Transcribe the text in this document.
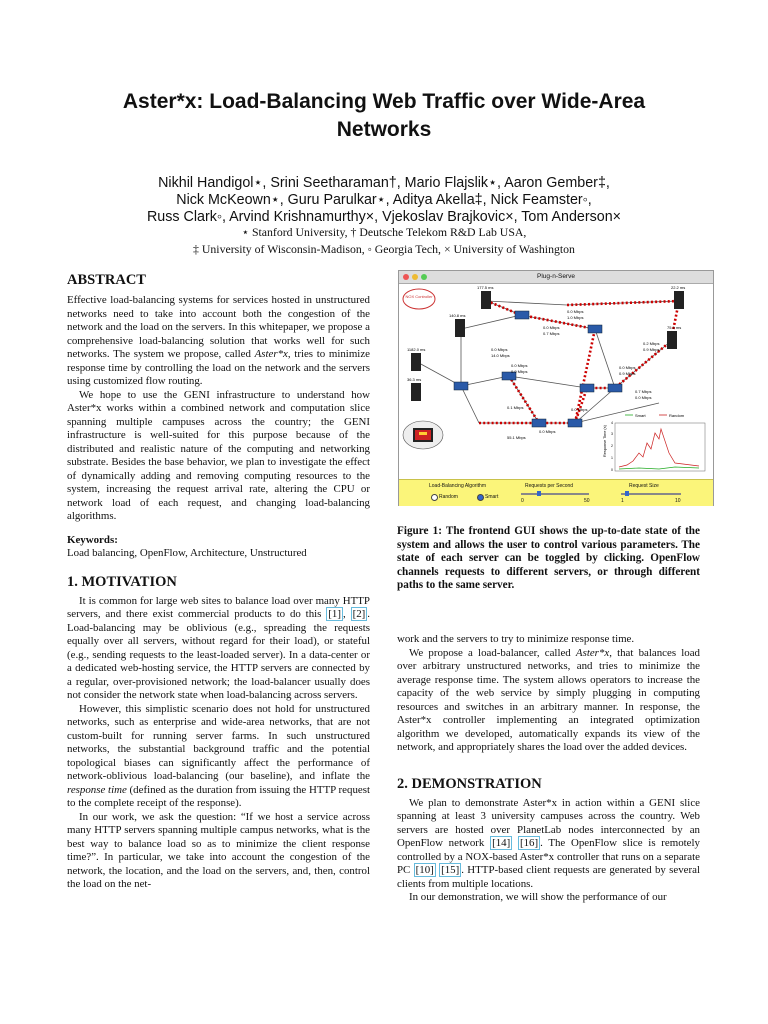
Aster*x: Load-Balancing Web Traffic over Wide-Area
Networks
Nikhil Handigol⋆, Srini Seetharaman†, Mario Flajslik⋆, Aaron Gember‡,
Nick McKeown⋆, Guru Parulkar⋆, Aditya Akella‡, Nick Feamster◦,
Russ Clark◦, Arvind Krishnamurthy×, Vjekoslav Brajkovic×, Tom Anderson×
⋆ Stanford University, † Deutsche Telekom R&D Lab USA,
‡ University of Wisconsin-Madison, ◦ Georgia Tech, × University of Washington
ABSTRACT

Effective load-balancing systems for services hosted in unstructured networks need to take into account both the congestion of the network and the load on the servers. In this whitepaper, we propose a comprehensive load-balancing solution that works well for such networks. The system we propose, called Aster*x, tries to minimize response time by controlling the load on the network and the servers using customized flow routing.

We hope to use the GENI infrastructure to understand how Aster*x works within a combined network and computation slice spanning multiple campuses across the country; the GENI infrastructure is well-suited for this purpose because of the distributed and realistic nature of the computing and networking substrate. Besides the base behavior, we plan to investigate the effect of dynamically adding and removing computing resources to the system, increasing the request arrival rate, altering the CPU or network load of each request, and changing load-balancing algorithms.

Keywords:

Load balancing, OpenFlow, Architecture, Unstructured

1. MOTIVATION

It is common for large web sites to balance load over many HTTP servers, and there exist commercial products to do this [1] , [2] . Load-balancing may be oblivious (e.g., spreading the requests equally over all servers, without regard for their load), or stateful (e.g., sending requests to the least-loaded server). In a data-center or a dedicated web-hosting service, the HTTP servers are connected by a regular, over-provisioned network; the load-balancer usually does not consider the network state when load-balancing across servers.

However, this simplistic scenario does not hold for unstructured networks, such as enterprise and wide-area networks, that are not custom-built for running server farms. In such unstructured networks, the substantial background traffic and the potential topological biases can significantly affect the performance of network-oblivious load-balancing (our baseline), and inflate the response time (defined as the duration from issuing the HTTP request to the complete receipt of the response).

In our work, we ask the question: “If we host a service across many HTTP servers spanning multiple campus networks, what is the best way to balance load so as to minimize the client response time?”. In particular, we take into account the congestion of the network, the location, and the load on the servers, and, then, control the load on the net-

Plug-n-Serve
NOX Controller
177.5 ms	22.2 ms
140.8 ms
75.6 ms
1182.0 ms
36.3 ms
0.0 Mbps
1.0 Mbps
0.0 Mbps
0.7 Mbps
0.0 Mbps
14.0 Mbps
0.0 Mbps
0.9 Mbps
0.0 Mbps
0.9 Mbps
0.7 Mbps
0.0 Mbps
0.2 Mbps
0.9 Mbps
0.1 Mbps
0.0 Mbps
55.1 Mbps
0.0 Mbps
Smart	Random
Response Time (s)
0
1
2
3
4
Load-Balancing Algorithm
Random	Smart
Requests per Second
0	50
Request Size
1	10
Figure 1: The frontend GUI shows the up-to-date state of the system and allows the user to control various parameters. The state of each server can be toggled by clicking. OpenFlow channels requests to different servers, or through different paths to the same server.

work and the servers to try to minimize response time.

We propose a load-balancer, called Aster*x, that balances load over arbitrary unstructured networks, and tries to minimize the average response time. The system allows operators to increase the capacity of the web service by simply plugging in computing resources and switches in an arbitrary manner. In response, the Aster*x controller implementing an integrated optimization algorithm we developed, automatically expands its view of the network, and appropriately shares the load over the added devices.

2. DEMONSTRATION

We plan to demonstrate Aster*x in action within a GENI slice spanning at least 3 university campuses across the country. Web servers are hosted over PlanetLab nodes interconnected by an OpenFlow network [14] [16] . The OpenFlow slice is remotely controlled by a NOX-based Aster*x controller that runs on a separate PC [10] [15] . HTTP-based client requests are generated by several clients from multiple locations.

In our demonstration, we will show the performance of our
